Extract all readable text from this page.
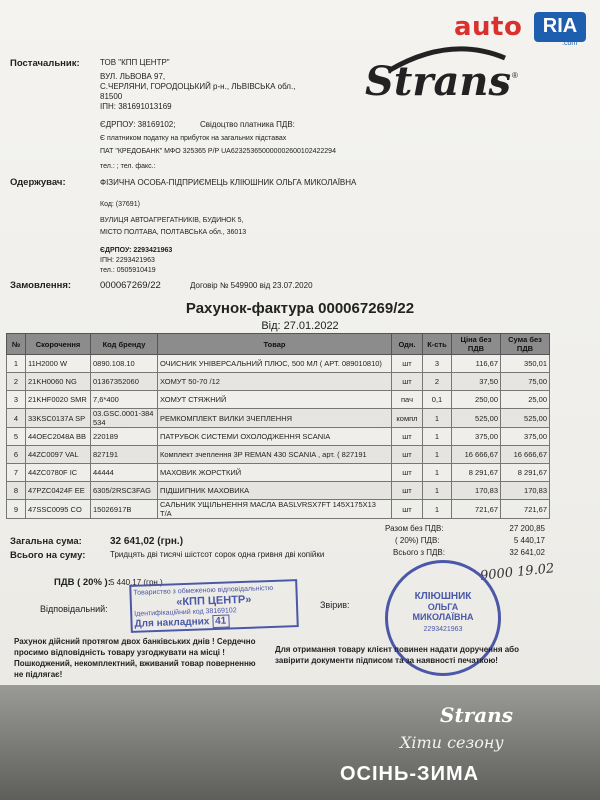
auto	RIA
.com
Strans ®
Постачальник:	ТОВ "КПП ЦЕНТР"
ВУЛ. ЛЬВОВА 97,
С.ЧЕРЛЯНИ, ГОРОДОЦЬКИЙ р-н., ЛЬВІВСЬКА обл.,
81500
ІПН: 381691013169
ЄДРПОУ: 38169102;	Свідоцтво платника ПДВ:
Є платником податку на прибуток на загальних підставах
ПАТ "КРЕДОБАНК" МФО 325365 Р/Р UA623253650000002600102422294
тел.: ; тел. факс.:
Одержувач:	ФІЗИЧНА ОСОБА-ПІДПРИЄМЕЦЬ КЛІЮШНИК ОЛЬГА МИКОЛАЇВНА
Код: (37691)
ВУЛИЦЯ АВТОАГРЕГАТНИКІВ, БУДИНОК 5,
МІСТО ПОЛТАВА, ПОЛТАВСЬКА обл., 36013
ЄДРПОУ: 2293421963
ІПН: 2293421963
тел.: 0505910419
Замовлення:	000067269/22	Договір № 549900 від 23.07.2020
Рахунок-фактура 000067269/22
Від: 27.01.2022
№	Скорочення	Код бренду	Товар	Одн.	К-сть	Ціна без ПДВ	Сума без ПДВ
1	11H2000 W	0890.108.10	ОЧИСНИК УНІВЕРСАЛЬНИЙ ПЛЮС, 500 МЛ ( АРТ. 089010810)	шт	3	116,67	350,01
2	21KH0060 NG	01367352060	ХОМУТ 50-70 /12	шт	2	37,50	75,00
3	21KHF0020 SMR	7,6*400	ХОМУТ СТЯЖНИЙ	пач	0,1	250,00	25,00
4	33KSC0137A SP	03.GSC.0001-384 534	РЕМКОМПЛЕКТ ВИЛКИ ЗЧЕПЛЕННЯ	компл	1	525,00	525,00
5	44OEC2048A BB	220189	ПАТРУБОК СИСТЕМИ ОХОЛОДЖЕННЯ SCANIA	шт	1	375,00	375,00
6	44ZC0097 VAL	827191	Комплект зчеплення 3P REMAN 430 SCANIA , арт. ( 827191	шт	1	16 666,67	16 666,67
7	44ZC0780F IC	44444	МАХОВИК ЖОРСТКИЙ	шт	1	8 291,67	8 291,67
8	47PZC0424F EE	6305/2RSC3FAG	ПІДШИПНИК МАХОВИКА	шт	1	170,83	170,83
9	47SSC0095 CO	15026917B	САЛЬНИК УЩІЛЬНЕННЯ МАСЛА BASLVRSX7FT 145X175X13 T/A	шт	1	721,67	721,67
Разом без ПДВ:	27 200,85
( 20%) ПДВ:	5 440,17
Всього з ПДВ:	32 641,02
Загальна сума:	32 641,02 (грн.)
Всього на суму:	Тридцять дві тисячі шістсот сорок одна гривня дві копійки
ПДВ ( 20% ): 5 440,17 (грн.)	9000 19.02
Відповідальний:	Звірив:
Товариство з обмеженою відповідальністю
«КПП ЦЕНТР»
Ідентифікаційний код 38169102
Для накладних 41
КЛІЮШНИК
ОЛЬГА
МИКОЛАЇВНА
2293421963
Рахунок дійсний протягом двох банківських днів ! Сердечно просимо відповідність товару узгоджувати на місці ! Пошкоджений, некомплектний, вживаний товар поверненню не підлягає!
Для отримання товару клієнт повинен надати доручення або завірити документи підписом та за наявності печаткою!
Strans
Хіти сезону
ОСІНЬ-ЗИМА
